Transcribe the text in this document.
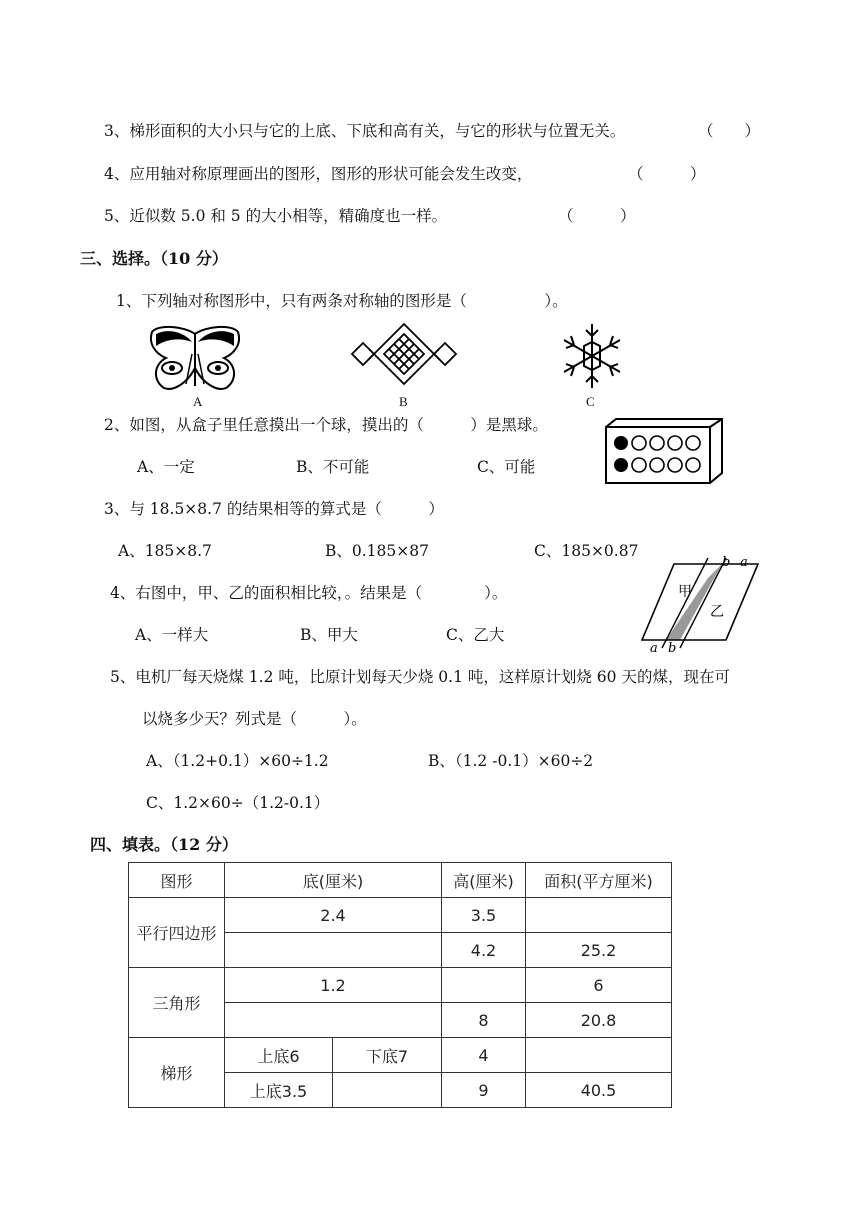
3、梯形面积的大小只与它的上底、下底和高有关，与它的形状与位置无关。	（　　）
4、应用轴对称原理画出的图形，图形的形状可能会发生改变，	（　　　）
5、近似数 5.0 和 5 的大小相等，精确度也一样。	（　　　）
三、选择。（10 分）
1、下列轴对称图形中，只有两条对称轴的图形是（　　　　　）。
A	B	C
2、如图，从盒子里任意摸出一个球，摸出的（　　　）是黑球。
A、一定	B、不可能	C、可能
3、与 18.5×8.7 的结果相等的算式是（　　　）
A、185×8.7	B、0.185×87	C、185×0.87
甲
乙
b a
a b
4、右图中，甲、乙的面积相比较，。结果是（　　　　）。
A、一样大	B、甲大	C、乙大
5、电机厂每天烧煤 1.2 吨，比原计划每天少烧 0.1 吨，这样原计划烧 60 天的煤，现在可
以烧多少天？列式是（　　　）。
A、（1.2+0.1）×60÷1.2	B、（1.2 -0.1）×60÷2
C、1.2×60÷（1.2-0.1）
四、填表。（12 分）
图形	底(厘米)		高(厘米)	面积(平方厘米)
平行四边形	2.4		3.5	
			4.2	25.2
三角形	1.2			6
			8	20.8
梯形	上底6	下底7	4	
	上底3.5		9	40.5
